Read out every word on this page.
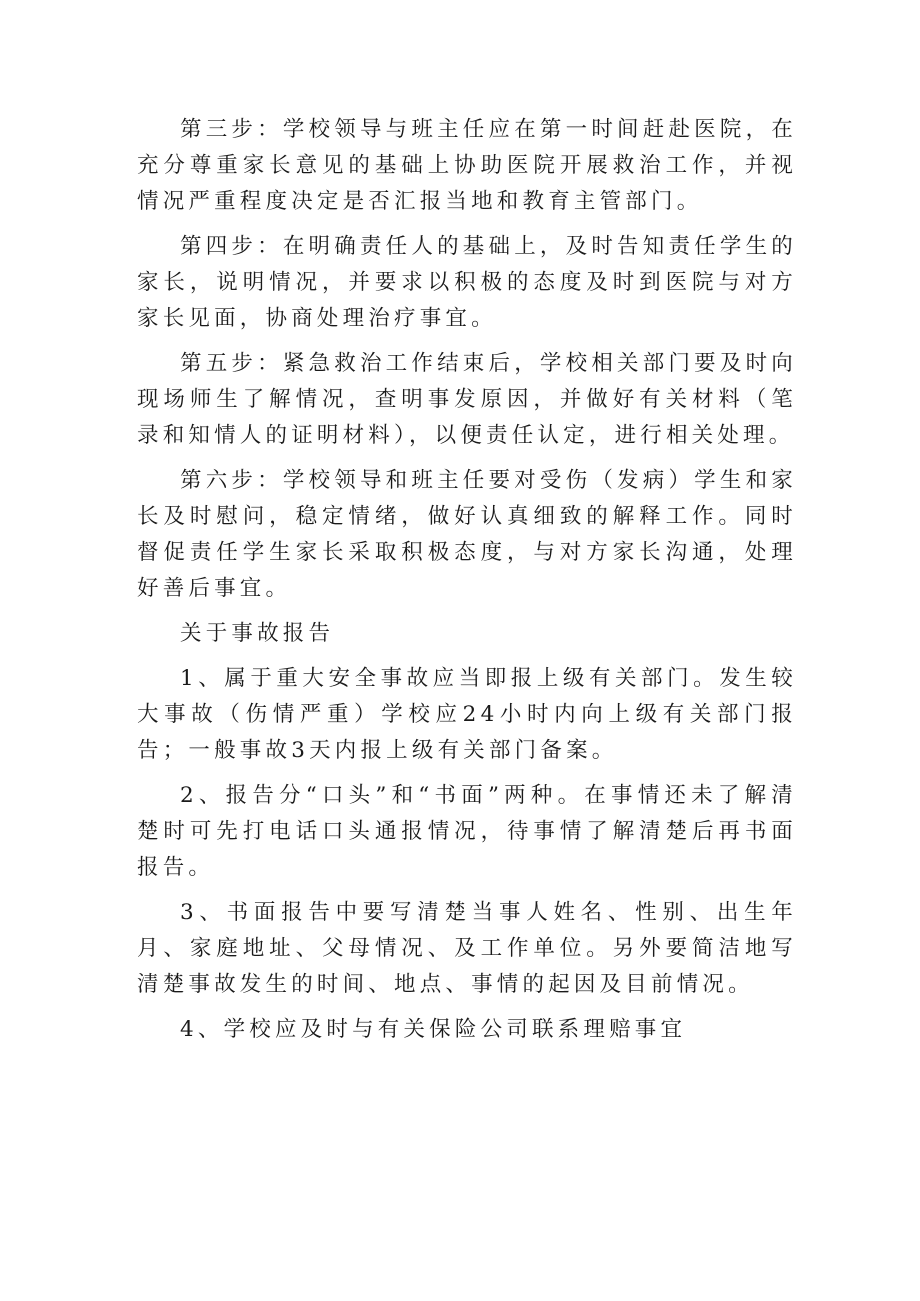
第三步：学校领导与班主任应在第一时间赶赴医院，在充分尊重家长意见的基础上协助医院开展救治工作，并视情况严重程度决定是否汇报当地和教育主管部门。

第四步：在明确责任人的基础上，及时告知责任学生的家长，说明情况，并要求以积极的态度及时到医院与对方家长见面，协商处理治疗事宜。

第五步：紧急救治工作结束后，学校相关部门要及时向现场师生了解情况，查明事发原因，并做好有关材料（笔录和知情人的证明材料），以便责任认定，进行相关处理。

第六步：学校领导和班主任要对受伤（发病）学生和家长及时慰问，稳定情绪，做好认真细致的解释工作。同时督促责任学生家长采取积极态度，与对方家长沟通，处理好善后事宜。

关于事故报告

1、属于重大安全事故应当即报上级有关部门。发生较大事故（伤情严重）学校应24小时内向上级有关部门报告；一般事故3天内报上级有关部门备案。

2、报告分“口头”和“书面”两种。在事情还未了解清楚时可先打电话口头通报情况，待事情了解清楚后再书面报告。

3、书面报告中要写清楚当事人姓名、性别、出生年月、家庭地址、父母情况、及工作单位。另外要简洁地写清楚事故发生的时间、地点、事情的起因及目前情况。

4、学校应及时与有关保险公司联系理赔事宜
